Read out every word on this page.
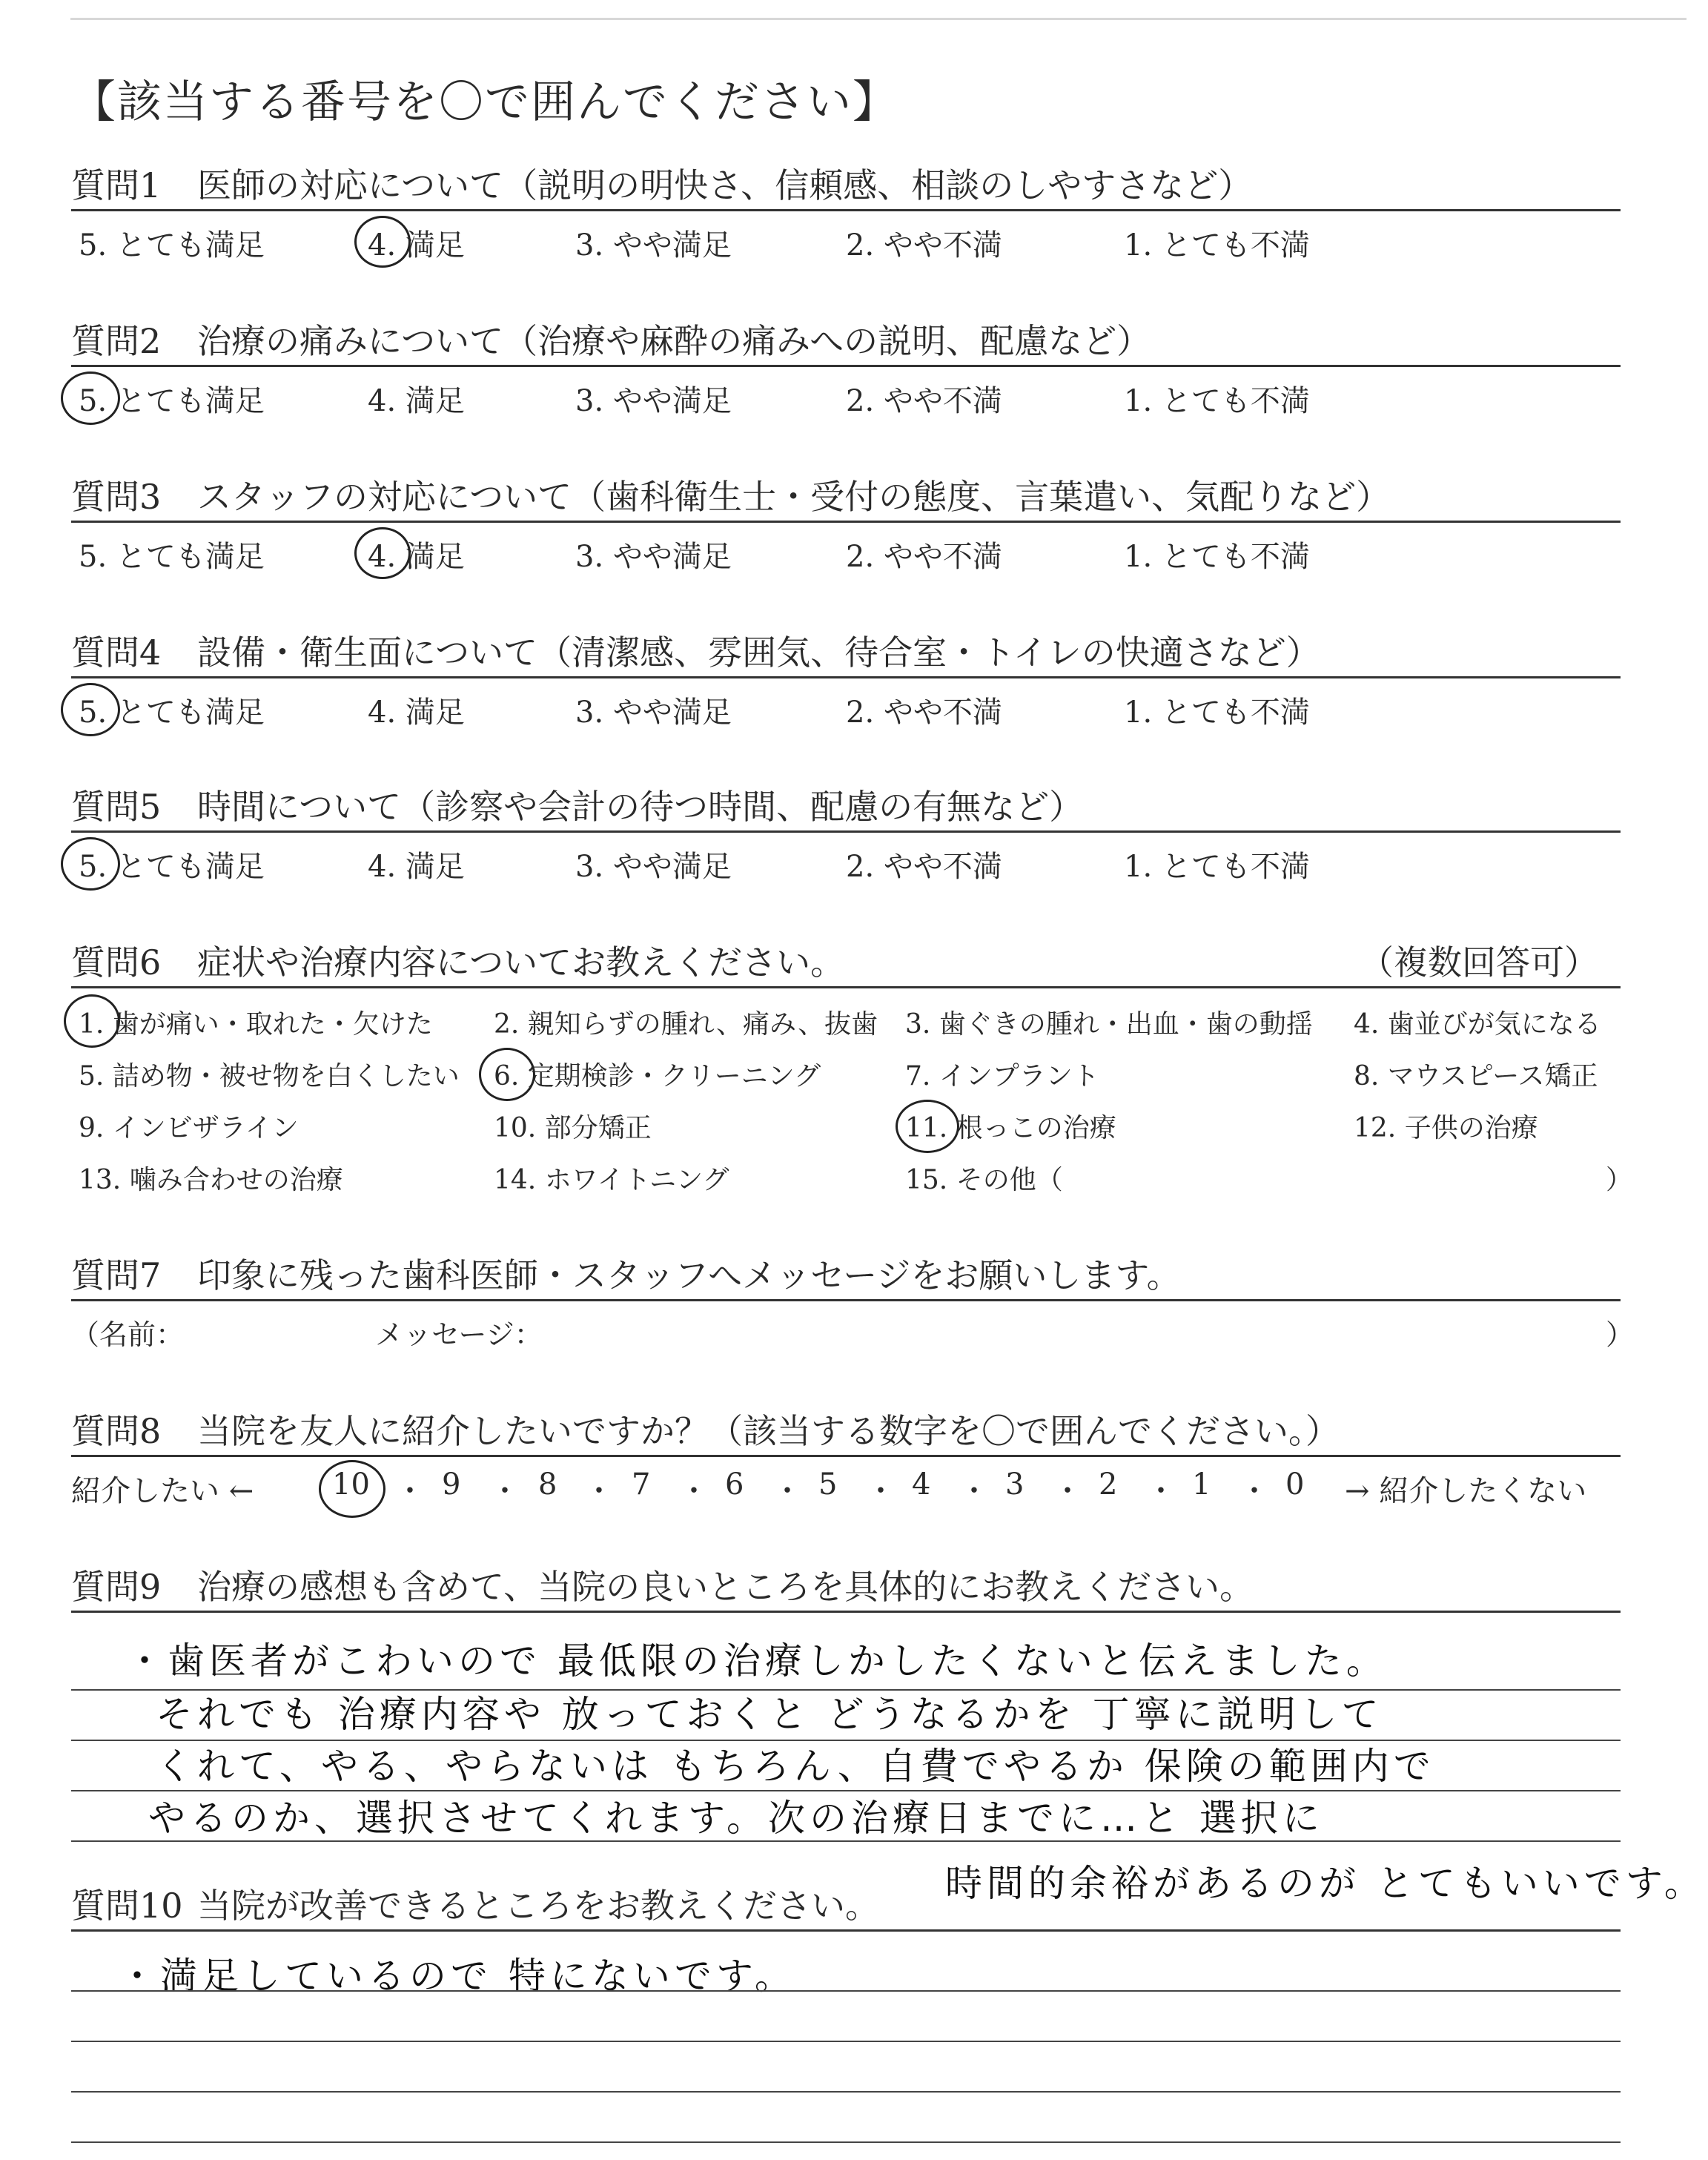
【該当する番号を〇で囲んでください】
質問1 医師の対応について（説明の明快さ、信頼感、相談のしやすさなど）
5. とても満足	4. 満足	3. やや満足	2. やや不満	1. とても不満
質問2 治療の痛みについて（治療や麻酔の痛みへの説明、配慮など）
5. とても満足	4. 満足	3. やや満足	2. やや不満	1. とても不満
質問3 スタッフの対応について（歯科衛生士・受付の態度、言葉遣い、気配りなど）
5. とても満足	4. 満足	3. やや満足	2. やや不満	1. とても不満
質問4 設備・衛生面について（清潔感、雰囲気、待合室・トイレの快適さなど）
5. とても満足	4. 満足	3. やや満足	2. やや不満	1. とても不満
質問5 時間について（診察や会計の待つ時間、配慮の有無など）
5. とても満足	4. 満足	3. やや満足	2. やや不満	1. とても不満
質問6 症状や治療内容についてお教えください。	（複数回答可）
1. 歯が痛い・取れた・欠けた 2. 親知らずの腫れ、痛み、抜歯 3. 歯ぐきの腫れ・出血・歯の動揺 4. 歯並びが気になる
5. 詰め物・被せ物を白くしたい 6. 定期検診・クリーニング	7. インプラント	8. マウスピース矯正
9. インビザライン	10. 部分矯正	11. 根っこの治療	12. 子供の治療
13. 噛み合わせの治療	14. ホワイトニング	15. その他（	）
質問7 印象に残った歯科医師・スタッフへメッセージをお願いします。
（名前：	メッセージ：	）
質問8 当院を友人に紹介したいですか？（該当する数字を〇で囲んでください。）
紹介したい ←	10 ・ 9 ・ 8 ・ 7 ・ 6 ・ 5 ・ 4 ・ 3 ・ 2 ・ 1 ・ 0 → 紹介したくない
質問9 治療の感想も含めて、当院の良いところを具体的にお教えください。
・歯医者がこわいので 最低限の治療しかしたくないと伝えました。
それでも 治療内容や 放っておくと どうなるかを 丁寧に説明して
くれて、やる、やらないは もちろん、自費でやるか 保険の範囲内で
やるのか、選択させてくれます。次の治療日までに…と 選択に
時間的余裕があるのが とてもいいです。
質問10 当院が改善できるところをお教えください。
・満足しているので 特にないです。
